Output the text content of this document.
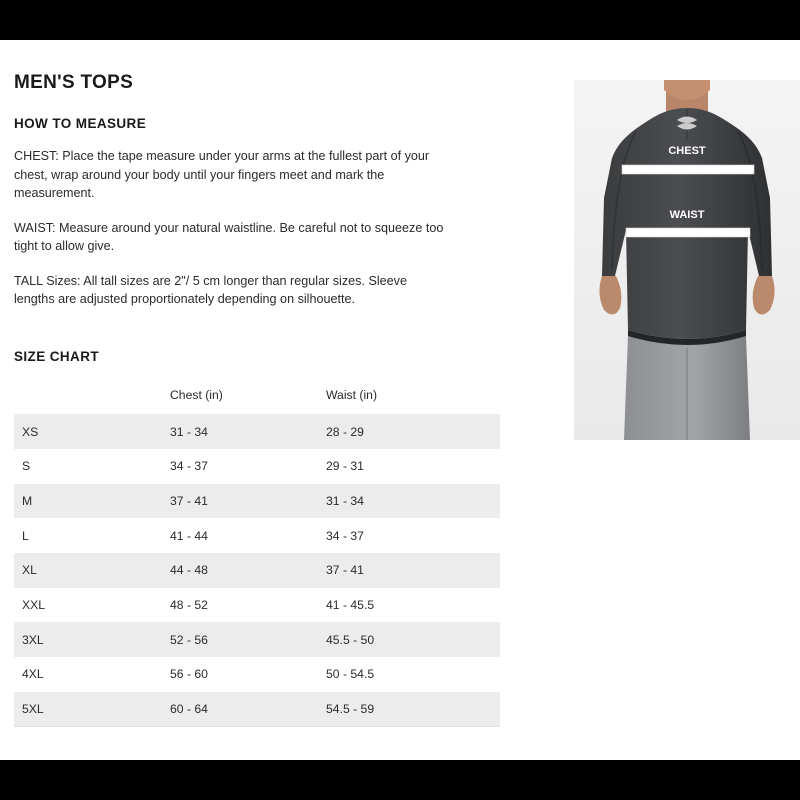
MEN'S TOPS
HOW TO MEASURE

CHEST: Place the tape measure under your arms at the fullest part of your chest, wrap around your body until your fingers meet and mark the measurement.

WAIST: Measure around your natural waistline. Be careful not to squeeze too tight to allow give.

TALL Sizes: All tall sizes are 2"/ 5 cm longer than regular sizes. Sleeve lengths are adjusted proportionately depending on silhouette.

SIZE CHART
	Chest (in)	Waist (in)

XS	31 - 34	28 - 29

S	34 - 37	29 - 31

M	37 - 41	31 - 34

L	41 - 44	34 - 37

XL	44 - 48	37 - 41

XXL	48 - 52	41 - 45.5

3XL	52 - 56	45.5 - 50

4XL	56 - 60	50 - 54.5

5XL	60 - 64	54.5 - 59
CHEST
WAIST
